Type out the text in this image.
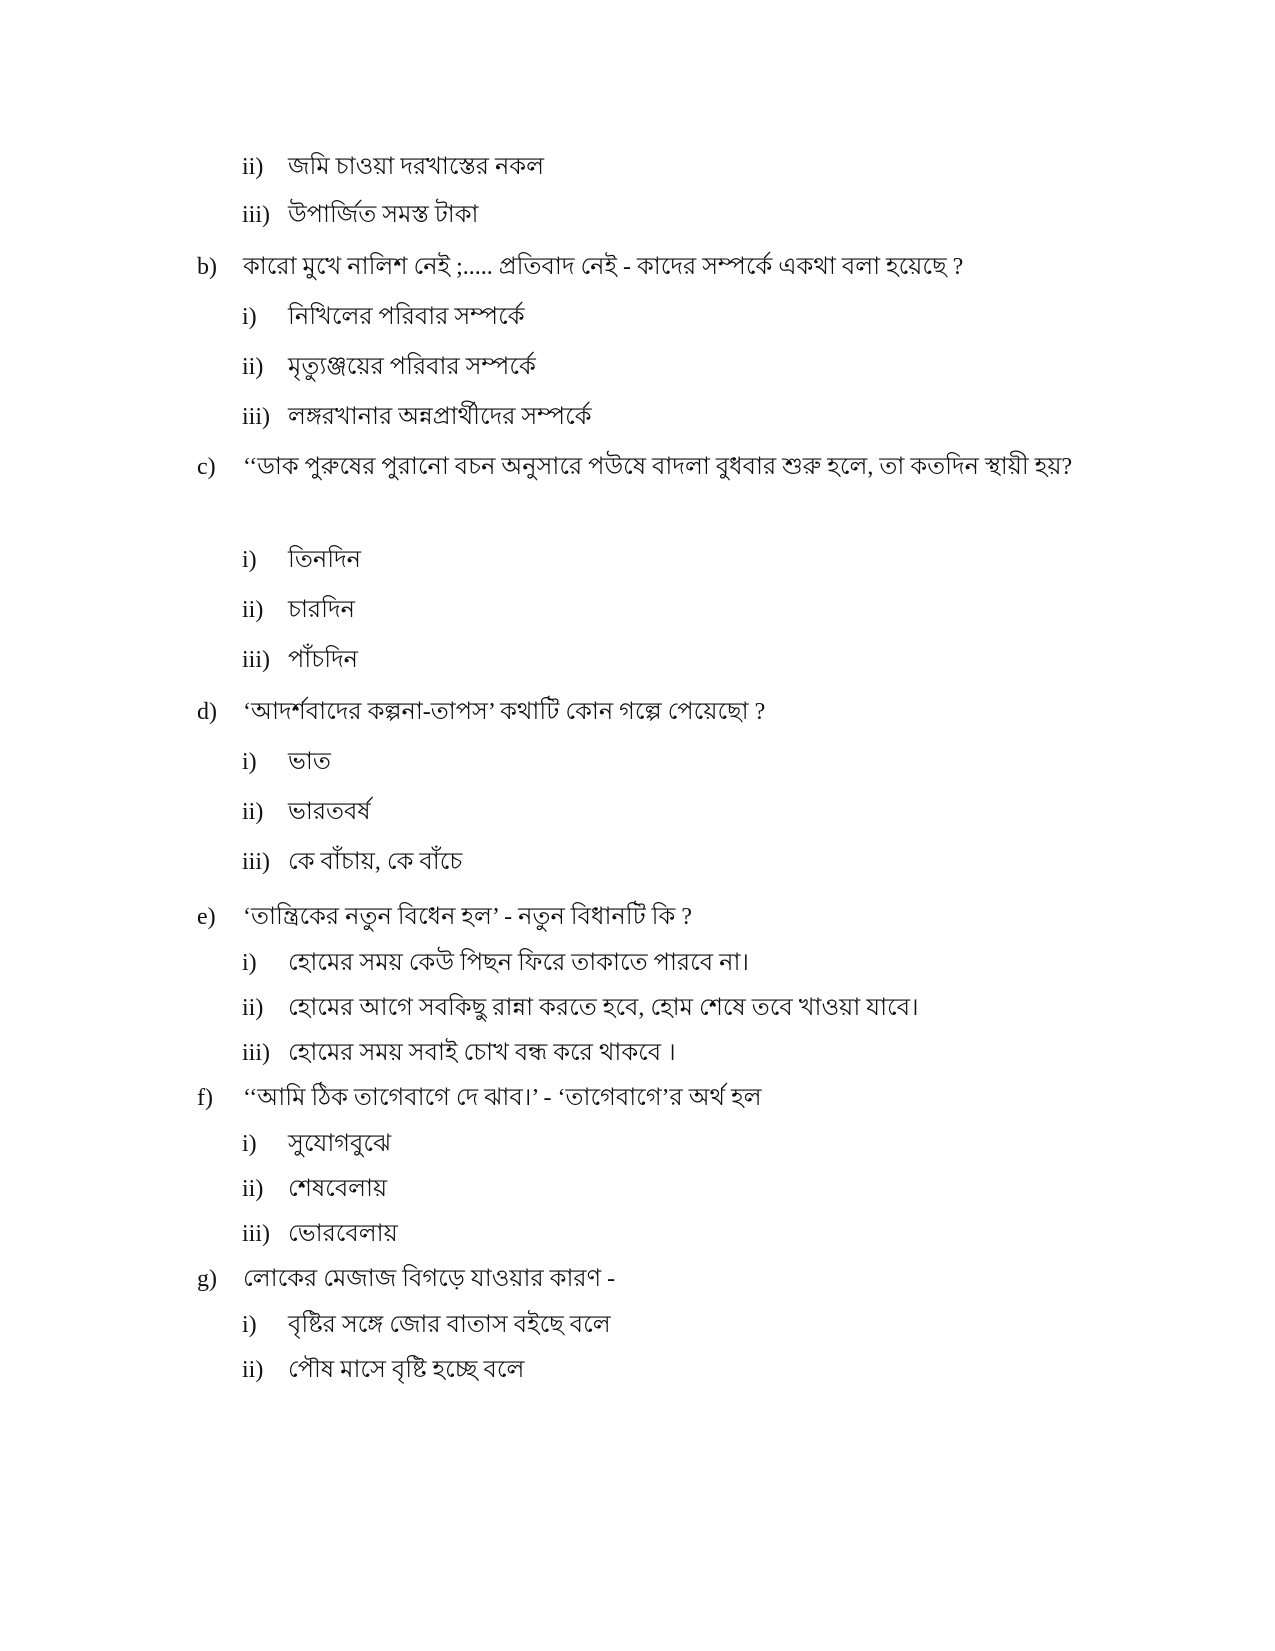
ii) জমি চাওয়া দরখাস্তের নকল
iii) উপার্জিত সমস্ত টাকা
b) কারো মুখে নালিশ নেই ;..... প্রতিবাদ নেই - কাদের সম্পর্কে একথা বলা হয়েছে ?
i) নিখিলের পরিবার সম্পর্কে
ii) মৃত্যুঞ্জয়ের পরিবার সম্পর্কে
iii) লঙ্গরখানার অন্নপ্রার্থীদের সম্পর্কে
c) ‘‘ডাক পুরুষের পুরানো বচন অনুসারে পউষে বাদলা বুধবার শুরু হলে, তা কতদিন স্থায়ী হয়?
i) তিনদিন
ii) চারদিন
iii) পাঁচদিন
d) ‘আদর্শবাদের কল্পনা-তাপস’ কথাটি কোন গল্পে পেয়েছো ?
i) ভাত
ii) ভারতবর্ষ
iii) কে বাঁচায়, কে বাঁচে
e) ‘তান্ত্রিকের নতুন বিধেন হল’ - নতুন বিধানটি কি ?
i) হোমের সময় কেউ পিছন ফিরে তাকাতে পারবে না।
ii) হোমের আগে সবকিছু রান্না করতে হবে, হোম শেষে তবে খাওয়া যাবে।
iii) হোমের সময় সবাই চোখ বন্ধ করে থাকবে ।
f) ‘‘আমি ঠিক তাগেবাগে দে ঝাব।’ - ‘তাগেবাগে’র অর্থ হল
i) সুযোগবুঝে
ii) শেষবেলায়
iii) ভোরবেলায়
g) লোকের মেজাজ বিগড়ে যাওয়ার কারণ -
i) বৃষ্টির সঙ্গে জোর বাতাস বইছে বলে
ii) পৌষ মাসে বৃষ্টি হচ্ছে বলে
